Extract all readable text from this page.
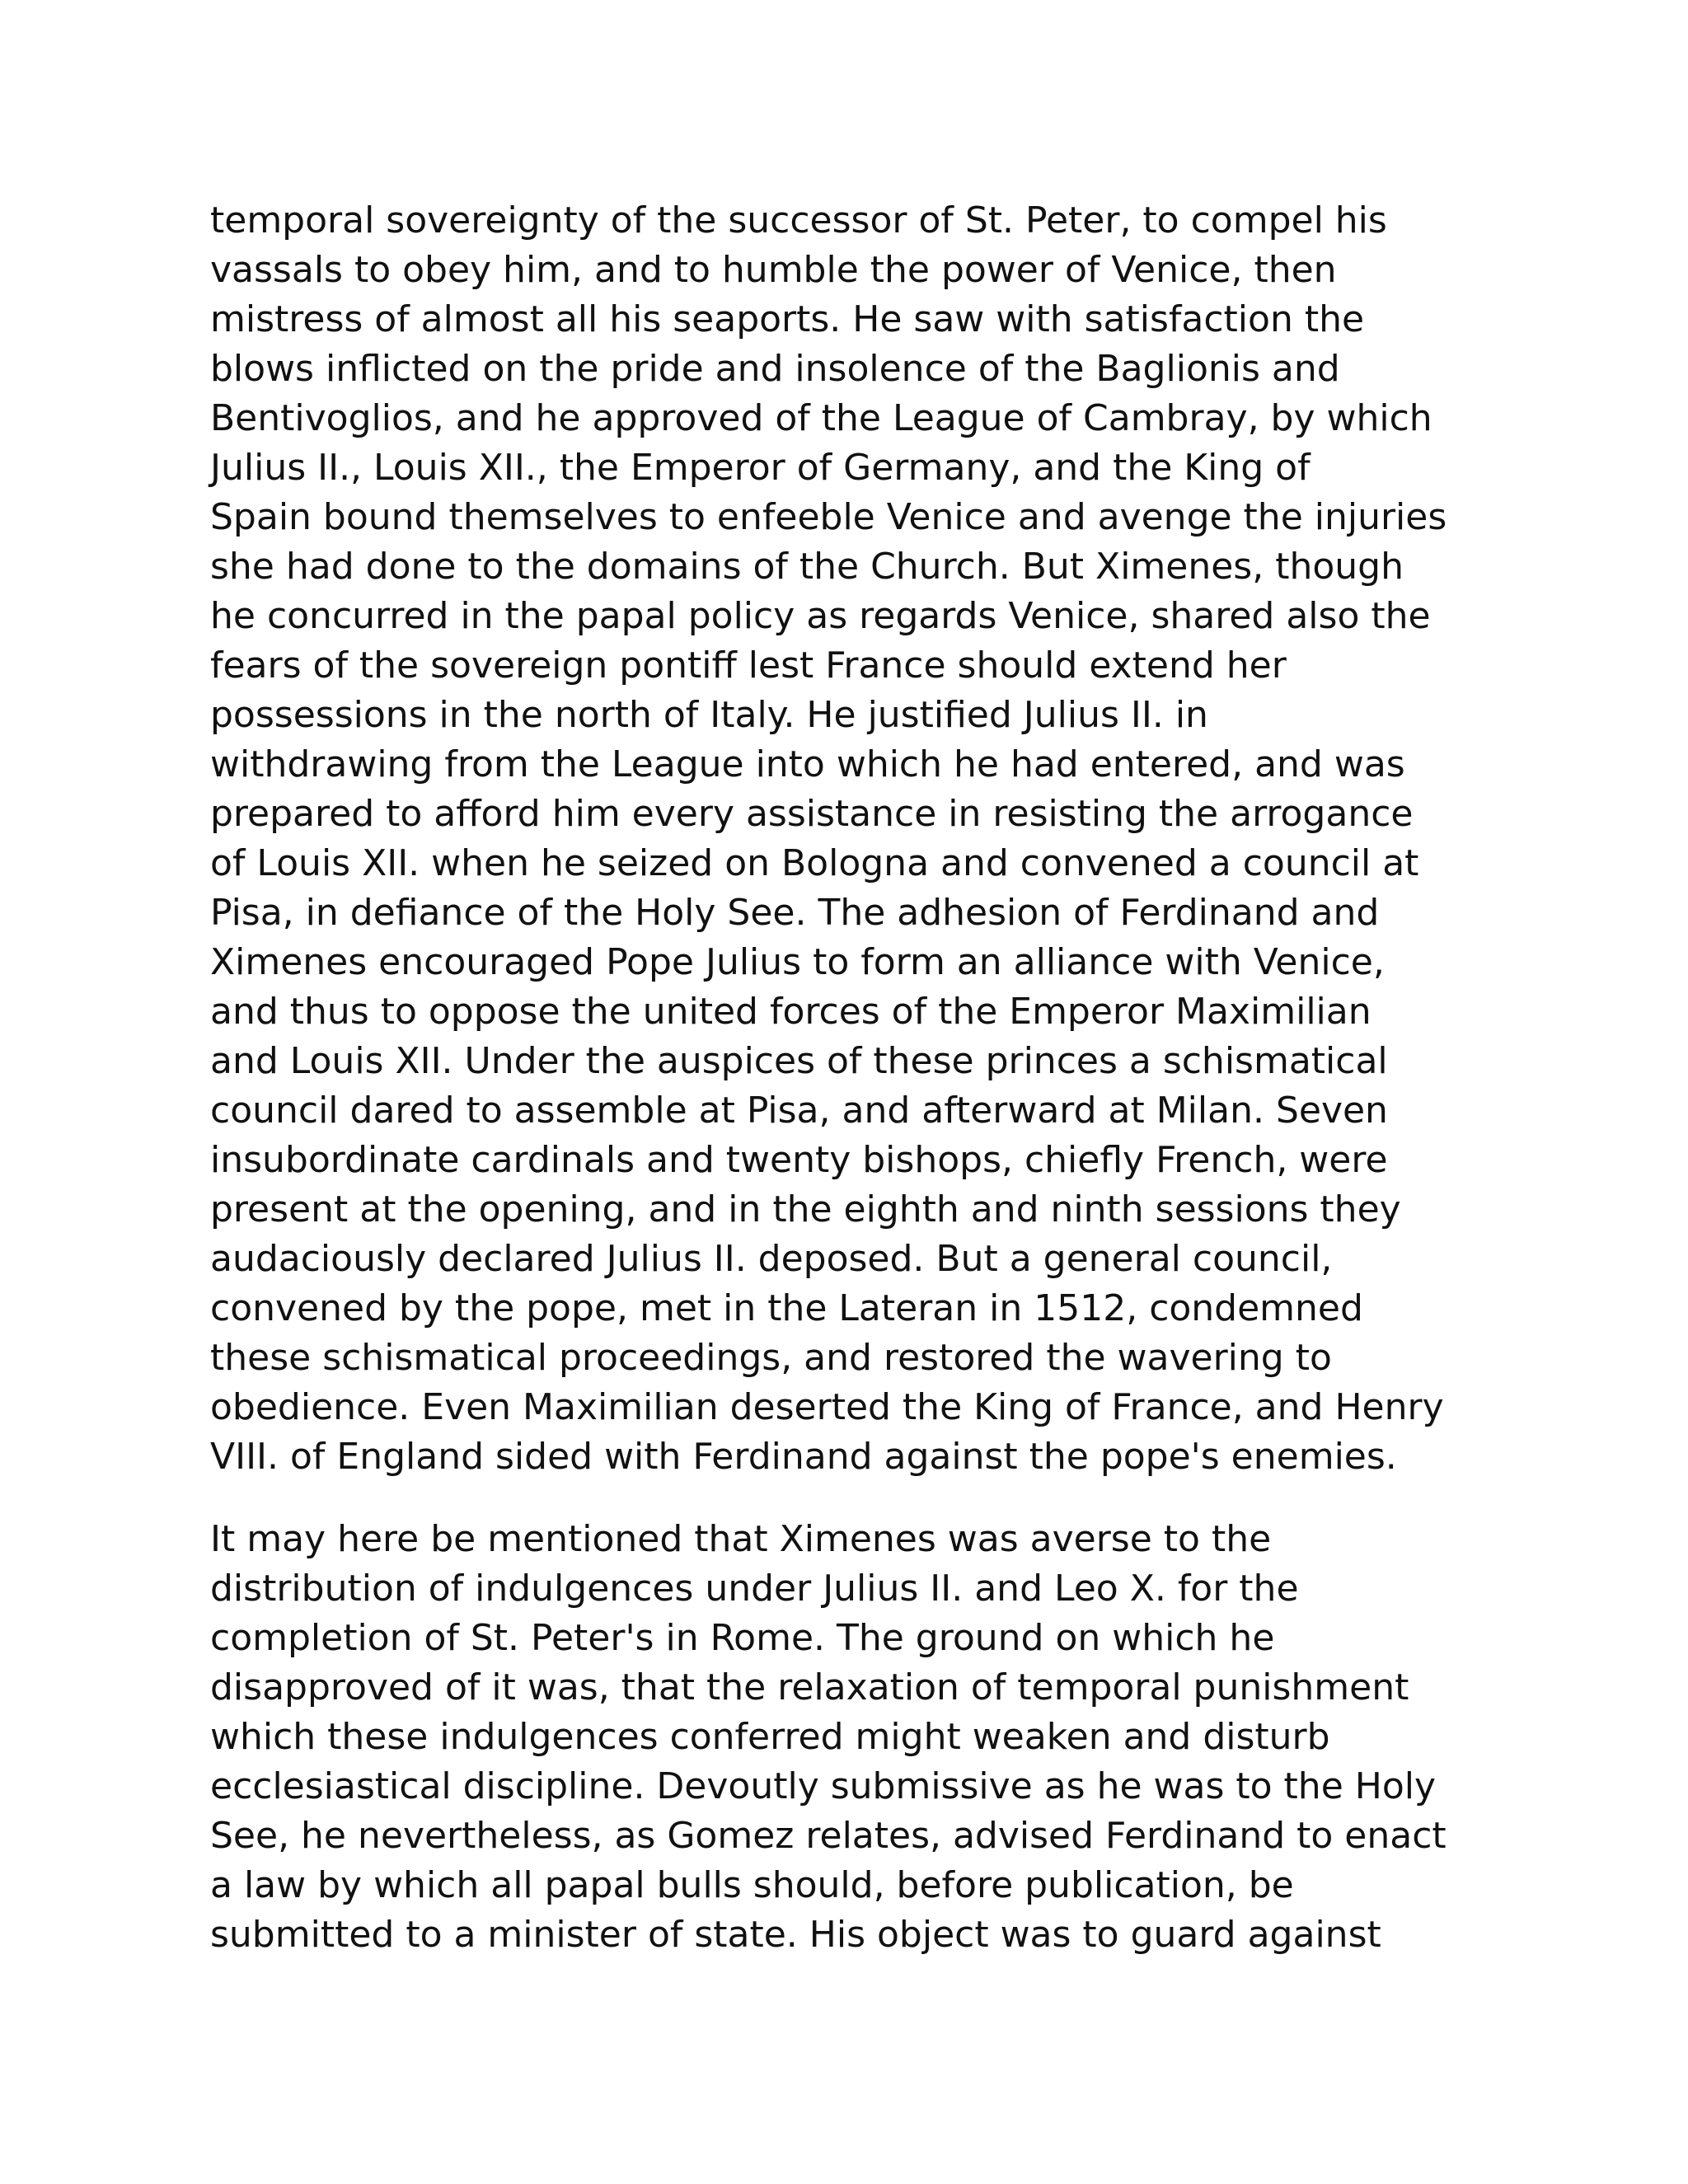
temporal sovereignty of the successor of St. Peter, to compel his
vassals to obey him, and to humble the power of Venice, then
mistress of almost all his seaports. He saw with satisfaction the
blows inflicted on the pride and insolence of the Baglionis and
Bentivoglios, and he approved of the League of Cambray, by which
Julius II., Louis XII., the Emperor of Germany, and the King of
Spain bound themselves to enfeeble Venice and avenge the injuries
she had done to the domains of the Church. But Ximenes, though
he concurred in the papal policy as regards Venice, shared also the
fears of the sovereign pontiff lest France should extend her
possessions in the north of Italy. He justified Julius II. in
withdrawing from the League into which he had entered, and was
prepared to afford him every assistance in resisting the arrogance
of Louis XII. when he seized on Bologna and convened a council at
Pisa, in defiance of the Holy See. The adhesion of Ferdinand and
Ximenes encouraged Pope Julius to form an alliance with Venice,
and thus to oppose the united forces of the Emperor Maximilian
and Louis XII. Under the auspices of these princes a schismatical
council dared to assemble at Pisa, and afterward at Milan. Seven
insubordinate cardinals and twenty bishops, chiefly French, were
present at the opening, and in the eighth and ninth sessions they
audaciously declared Julius II. deposed. But a general council,
convened by the pope, met in the Lateran in 1512, condemned
these schismatical proceedings, and restored the wavering to
obedience. Even Maximilian deserted the King of France, and Henry
VIII. of England sided with Ferdinand against the pope's enemies.
It may here be mentioned that Ximenes was averse to the
distribution of indulgences under Julius II. and Leo X. for the
completion of St. Peter's in Rome. The ground on which he
disapproved of it was, that the relaxation of temporal punishment
which these indulgences conferred might weaken and disturb
ecclesiastical discipline. Devoutly submissive as he was to the Holy
See, he nevertheless, as Gomez relates, advised Ferdinand to enact
a law by which all papal bulls should, before publication, be
submitted to a minister of state. His object was to guard against
